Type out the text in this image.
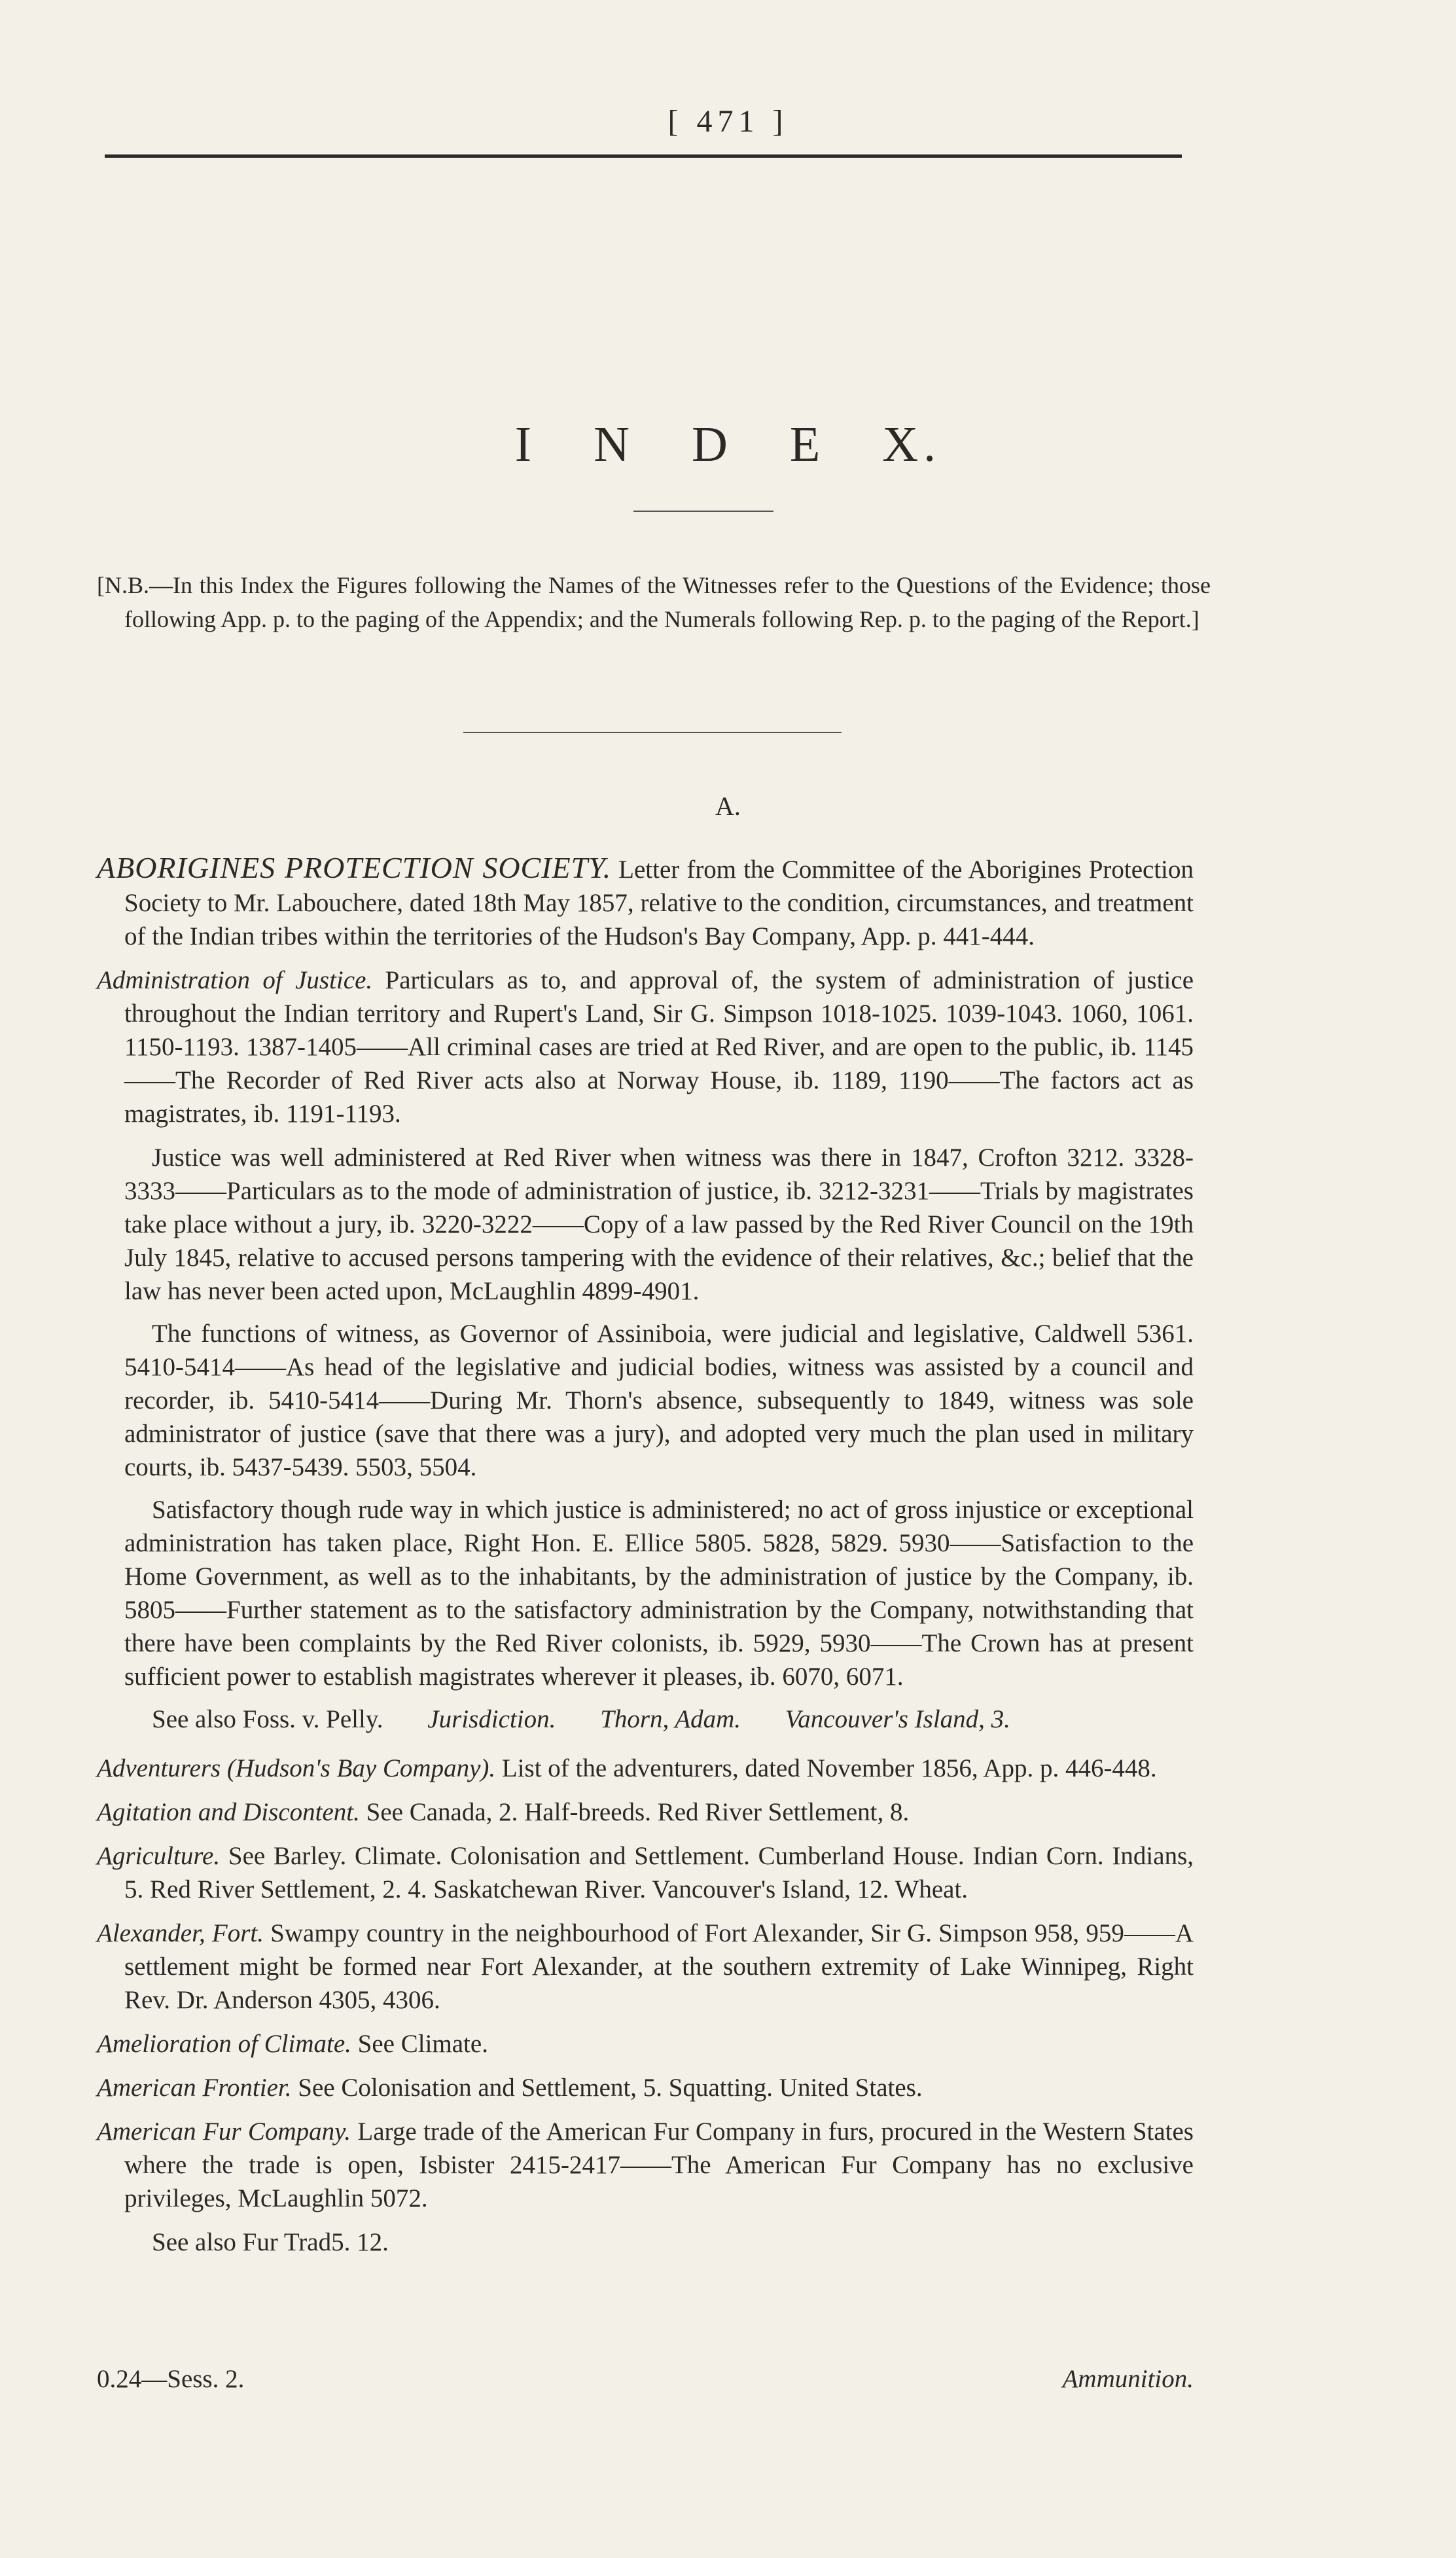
[ 471 ]
I N D E X.
[N.B.—In this Index the Figures following the Names of the Witnesses refer to the Questions of the Evidence; those following App. p. to the paging of the Appendix; and the Numerals following Rep. p. to the paging of the Report.]
A.

ABORIGINES PROTECTION SOCIETY. Letter from the Committee of the Aborigines Protection Society to Mr. Labouchere, dated 18th May 1857, relative to the condition, circumstances, and treatment of the Indian tribes within the territories of the Hudson's Bay Company, App. p. 441-444.

Administration of Justice. Particulars as to, and approval of, the system of administration of justice throughout the Indian territory and Rupert's Land, Sir G. Simpson 1018-1025. 1039-1043. 1060, 1061. 1150-1193. 1387-1405——All criminal cases are tried at Red River, and are open to the public, ib. 1145——The Recorder of Red River acts also at Norway House, ib. 1189, 1190——The factors act as magistrates, ib. 1191-1193.

Justice was well administered at Red River when witness was there in 1847, Crofton 3212. 3328-3333——Particulars as to the mode of administration of justice, ib. 3212-3231——Trials by magistrates take place without a jury, ib. 3220-3222——Copy of a law passed by the Red River Council on the 19th July 1845, relative to accused persons tampering with the evidence of their relatives, &c.; belief that the law has never been acted upon, McLaughlin 4899-4901.

The functions of witness, as Governor of Assiniboia, were judicial and legislative, Caldwell 5361. 5410-5414——As head of the legislative and judicial bodies, witness was assisted by a council and recorder, ib. 5410-5414——During Mr. Thorn's absence, subsequently to 1849, witness was sole administrator of justice (save that there was a jury), and adopted very much the plan used in military courts, ib. 5437-5439. 5503, 5504.

Satisfactory though rude way in which justice is administered; no act of gross injustice or exceptional administration has taken place, Right Hon. E. Ellice 5805. 5828, 5829. 5930——Satisfaction to the Home Government, as well as to the inhabitants, by the administration of justice by the Company, ib. 5805——Further statement as to the satisfactory administration by the Company, notwithstanding that there have been complaints by the Red River colonists, ib. 5929, 5930——The Crown has at present sufficient power to establish magistrates wherever it pleases, ib. 6070, 6071.

See also Foss. v. Pelly. Jurisdiction. Thorn, Adam. Vancouver's Island, 3.

Adventurers (Hudson's Bay Company). List of the adventurers, dated November 1856, App. p. 446-448.

Agitation and Discontent. See Canada, 2. Half-breeds. Red River Settlement, 8.

Agriculture. See Barley. Climate. Colonisation and Settlement. Cumberland House. Indian Corn. Indians, 5. Red River Settlement, 2. 4. Saskatchewan River. Vancouver's Island, 12. Wheat.

Alexander, Fort. Swampy country in the neighbourhood of Fort Alexander, Sir G. Simpson 958, 959——A settlement might be formed near Fort Alexander, at the southern extremity of Lake Winnipeg, Right Rev. Dr. Anderson 4305, 4306.

Amelioration of Climate. See Climate.

American Frontier. See Colonisation and Settlement, 5. Squatting. United States.

American Fur Company. Large trade of the American Fur Company in furs, procured in the Western States where the trade is open, Isbister 2415-2417——The American Fur Company has no exclusive privileges, McLaughlin 5072.

See also Fur Trad5. 12.

0.24—Sess. 2.	Ammunition.
